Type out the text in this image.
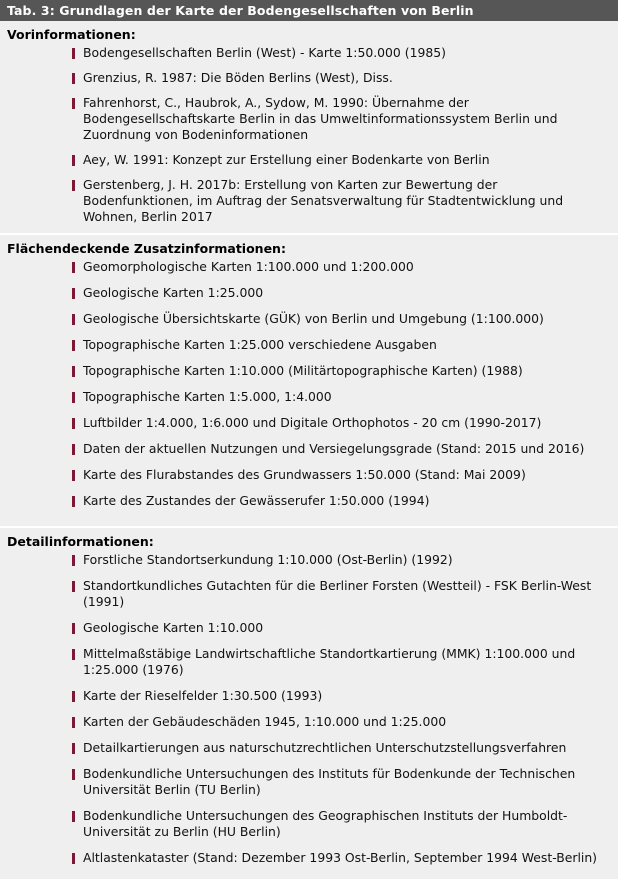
Tab. 3: Grundlagen der Karte der Bodengesellschaften von Berlin
Vorinformationen:
Bodengesellschaften Berlin (West) - Karte 1:50.000 (1985)
Grenzius, R. 1987: Die Böden Berlins (West), Diss.
Fahrenhorst, C., Haubrok, A., Sydow, M. 1990: Übernahme der Bodengesellschaftskarte Berlin in das Umweltinformationssystem Berlin und Zuordnung von Bodeninformationen
Aey, W. 1991: Konzept zur Erstellung einer Bodenkarte von Berlin
Gerstenberg, J. H. 2017b: Erstellung von Karten zur Bewertung der Bodenfunktionen, im Auftrag der Senatsverwaltung für Stadtentwicklung und Wohnen, Berlin 2017
Flächendeckende Zusatzinformationen:
Geomorphologische Karten 1:100.000 und 1:200.000
Geologische Karten 1:25.000
Geologische Übersichtskarte (GÜK) von Berlin und Umgebung (1:100.000)
Topographische Karten 1:25.000 verschiedene Ausgaben
Topographische Karten 1:10.000 (Militärtopographische Karten) (1988)
Topographische Karten 1:5.000, 1:4.000
Luftbilder 1:4.000, 1:6.000 und Digitale Orthophotos - 20 cm (1990-2017)
Daten der aktuellen Nutzungen und Versiegelungsgrade (Stand: 2015 und 2016)
Karte des Flurabstandes des Grundwassers 1:50.000 (Stand: Mai 2009)
Karte des Zustandes der Gewässerufer 1:50.000 (1994)
Detailinformationen:
Forstliche Standortserkundung 1:10.000 (Ost-Berlin) (1992)
Standortkundliches Gutachten für die Berliner Forsten (Westteil) - FSK Berlin-West (1991)
Geologische Karten 1:10.000
Mittelmaßstäbige Landwirtschaftliche Standortkartierung (MMK) 1:100.000 und 1:25.000 (1976)
Karte der Rieselfelder 1:30.500 (1993)
Karten der Gebäudeschäden 1945, 1:10.000 und 1:25.000
Detailkartierungen aus naturschutzrechtlichen Unterschutzstellungsverfahren
Bodenkundliche Untersuchungen des Instituts für Bodenkunde der Technischen Universität Berlin (TU Berlin)
Bodenkundliche Untersuchungen des Geographischen Instituts der Humboldt-Universität zu Berlin (HU Berlin)
Altlastenkataster (Stand: Dezember 1993 Ost-Berlin, September 1994 West-Berlin)
